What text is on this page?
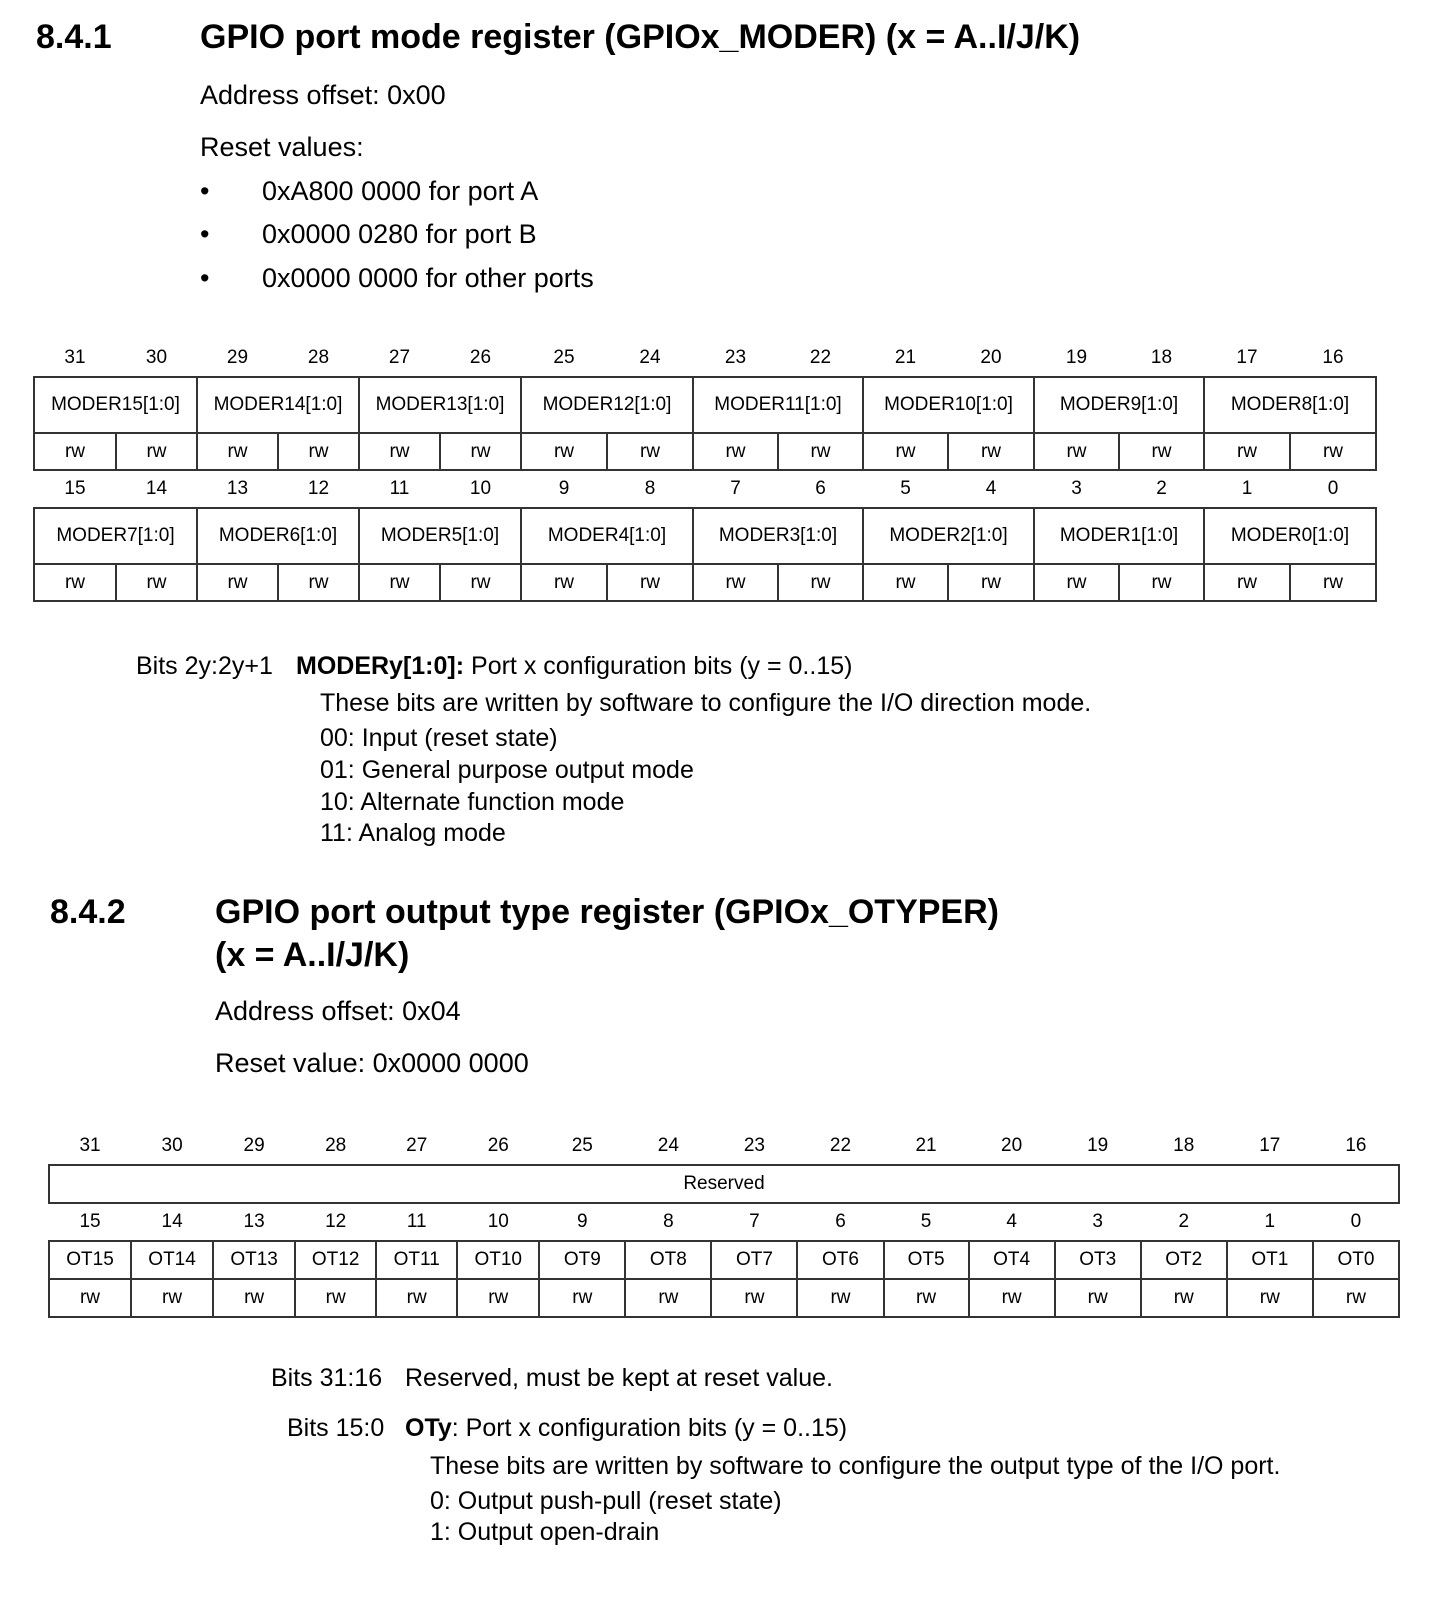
8.4.1	GPIO port mode register (GPIOx_MODER) (x = A..I/J/K)
Address offset: 0x00
Reset values:
• 0xA800 0000 for port A
• 0x0000 0280 for port B
• 0x0000 0000 for other ports
31	30	29	28	27	26	25	24	23	22	21	20	19	18	17	16
MODER15[1:0]		MODER14[1:0]		MODER13[1:0]		MODER12[1:0]		MODER11[1:0]		MODER10[1:0]		MODER9[1:0]		MODER8[1:0]	
rw	rw	rw	rw	rw	rw	rw	rw	rw	rw	rw	rw	rw	rw	rw	rw
15	14	13	12	11	10	9	8	7	6	5	4	3	2	1	0
MODER7[1:0]		MODER6[1:0]		MODER5[1:0]		MODER4[1:0]		MODER3[1:0]		MODER2[1:0]		MODER1[1:0]		MODER0[1:0]	
rw	rw	rw	rw	rw	rw	rw	rw	rw	rw	rw	rw	rw	rw	rw	rw
Bits 2y:2y+1 MODERy[1:0]: Port x configuration bits (y = 0..15)
These bits are written by software to configure the I/O direction mode.
00: Input (reset state)
01: General purpose output mode
10: Alternate function mode
11: Analog mode
8.4.2	GPIO port output type register (GPIOx_OTYPER)
(x = A..I/J/K)
Address offset: 0x04
Reset value: 0x0000 0000
31	30	29	28	27	26	25	24	23	22	21	20	19	18	17	16
Reserved															
15	14	13	12	11	10	9	8	7	6	5	4	3	2	1	0
OT15	OT14	OT13	OT12	OT11	OT10	OT9	OT8	OT7	OT6	OT5	OT4	OT3	OT2	OT1	OT0
rw	rw	rw	rw	rw	rw	rw	rw	rw	rw	rw	rw	rw	rw	rw	rw
Bits 31:16 Reserved, must be kept at reset value.
Bits 15:0 OTy: Port x configuration bits (y = 0..15)
These bits are written by software to configure the output type of the I/O port.
0: Output push-pull (reset state)
1: Output open-drain
